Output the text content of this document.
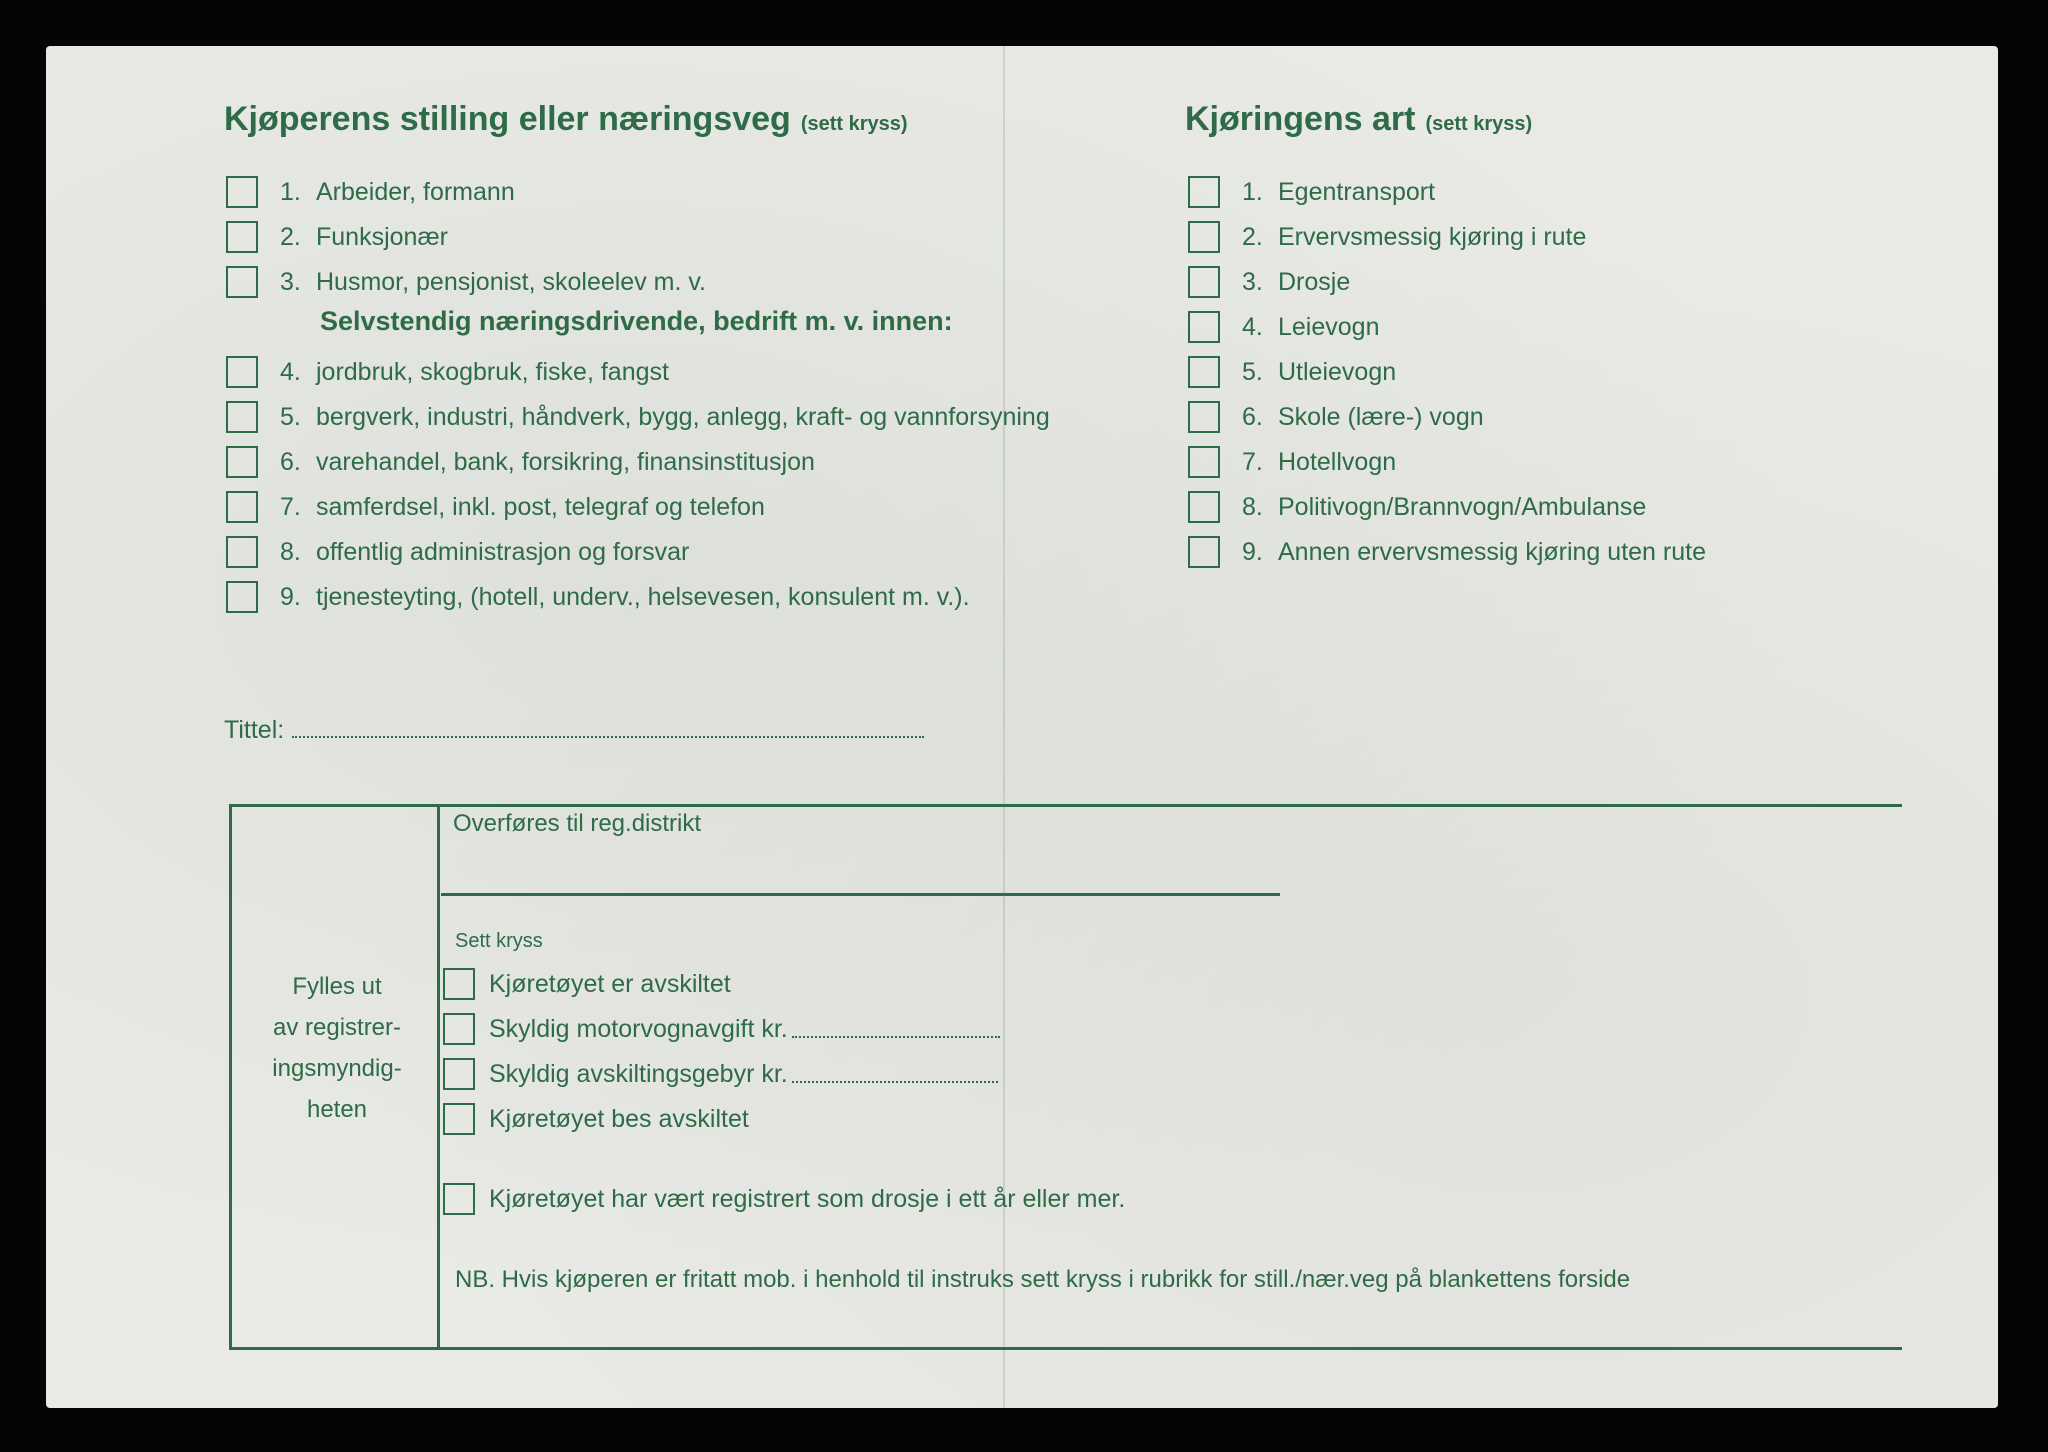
Kjøperens stilling eller næringsveg (sett kryss)
1. Arbeider, formann
2. Funksjonær
3. Husmor, pensjonist, skoleelev m. v.
Selvstendig næringsdrivende, bedrift m. v. innen:
4. jordbruk, skogbruk, fiske, fangst
5. bergverk, industri, håndverk, bygg, anlegg, kraft- og vannforsyning
6. varehandel, bank, forsikring, finansinstitusjon
7. samferdsel, inkl. post, telegraf og telefon
8. offentlig administrasjon og forsvar
9. tjenesteyting, (hotell, underv., helsevesen, konsulent m. v.).
Kjøringens art (sett kryss)
1. Egentransport
2. Ervervsmessig kjøring i rute
3. Drosje
4. Leievogn
5. Utleievogn
6. Skole (lære-) vogn
7. Hotellvogn
8. Politivogn/Brannvogn/Ambulanse
9. Annen ervervsmessig kjøring uten rute
Tittel:
Fylles ut
av registrer-
ingsmyndig-
heten
Overføres til reg.distrikt
Sett kryss
Kjøretøyet er avskiltet
Skyldig motorvognavgift kr.
Skyldig avskiltingsgebyr kr.
Kjøretøyet bes avskiltet
Kjøretøyet har vært registrert som drosje i ett år eller mer.
NB. Hvis kjøperen er fritatt mob. i henhold til instruks sett kryss i rubrikk for still./nær.veg på blankettens forside
